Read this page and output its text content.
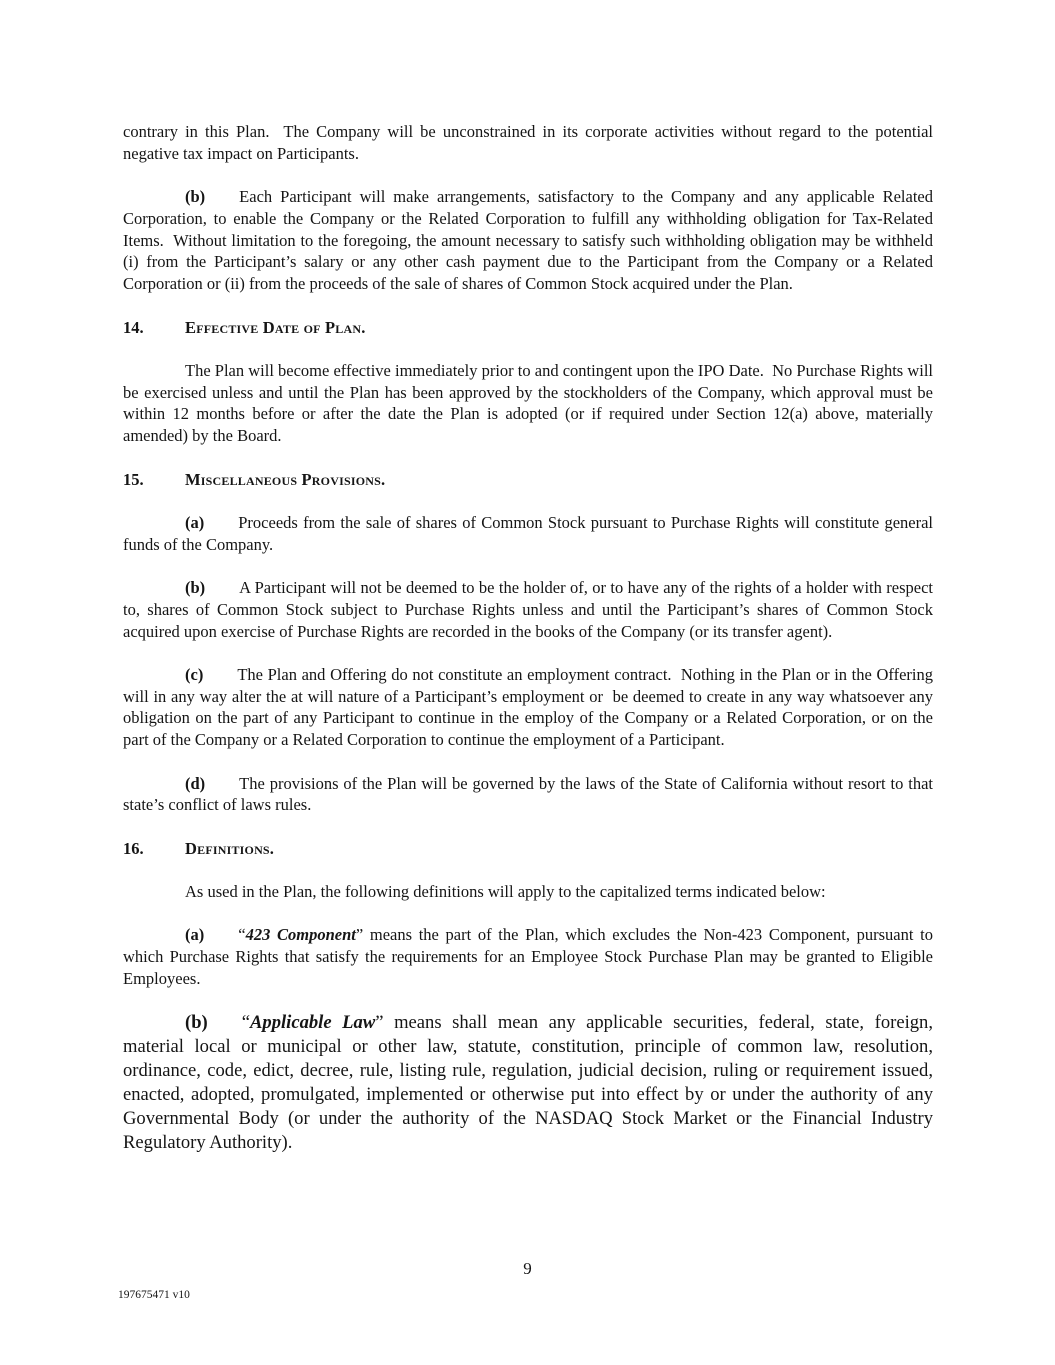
contrary in this Plan.  The Company will be unconstrained in its corporate activities without regard to the potential negative tax impact on Participants.

(b) Each Participant will make arrangements, satisfactory to the Company and any applicable Related Corporation, to enable the Company or the Related Corporation to fulfill any withholding obligation for Tax-Related Items.  Without limitation to the foregoing, the amount necessary to satisfy such withholding obligation may be withheld (i) from the Participant’s salary or any other cash payment due to the Participant from the Company or a Related Corporation or (ii) from the proceeds of the sale of shares of Common Stock acquired under the Plan.

14.	Effective Date of Plan.

The Plan will become effective immediately prior to and contingent upon the IPO Date.  No Purchase Rights will be exercised unless and until the Plan has been approved by the stockholders of the Company, which approval must be within 12 months before or after the date the Plan is adopted (or if required under Section 12(a) above, materially amended) by the Board.

15.	Miscellaneous Provisions.

(a) Proceeds from the sale of shares of Common Stock pursuant to Purchase Rights will constitute general funds of the Company.

(b) A Participant will not be deemed to be the holder of, or to have any of the rights of a holder with respect to, shares of Common Stock subject to Purchase Rights unless and until the Participant’s shares of Common Stock acquired upon exercise of Purchase Rights are recorded in the books of the Company (or its transfer agent).

(c) The Plan and Offering do not constitute an employment contract.  Nothing in the Plan or in the Offering will in any way alter the at will nature of a Participant’s employment or  be deemed to create in any way whatsoever any obligation on the part of any Participant to continue in the employ of the Company or a Related Corporation, or on the part of the Company or a Related Corporation to continue the employment of a Participant.

(d) The provisions of the Plan will be governed by the laws of the State of California without resort to that state’s conflict of laws rules.

16.	Definitions.

As used in the Plan, the following definitions will apply to the capitalized terms indicated below:

(a) “423 Component” means the part of the Plan, which excludes the Non-423 Component, pursuant to which Purchase Rights that satisfy the requirements for an Employee Stock Purchase Plan may be granted to Eligible Employees.

(b) “Applicable Law” means shall mean any applicable securities, federal, state, foreign, material local or municipal or other law, statute, constitution, principle of common law, resolution, ordinance, code, edict, decree, rule, listing rule, regulation, judicial decision, ruling or requirement issued, enacted, adopted, promulgated, implemented or otherwise put into effect by or under the authority of any Governmental Body (or under the authority of the NASDAQ Stock Market or the Financial Industry Regulatory Authority).

9
197675471 v10
